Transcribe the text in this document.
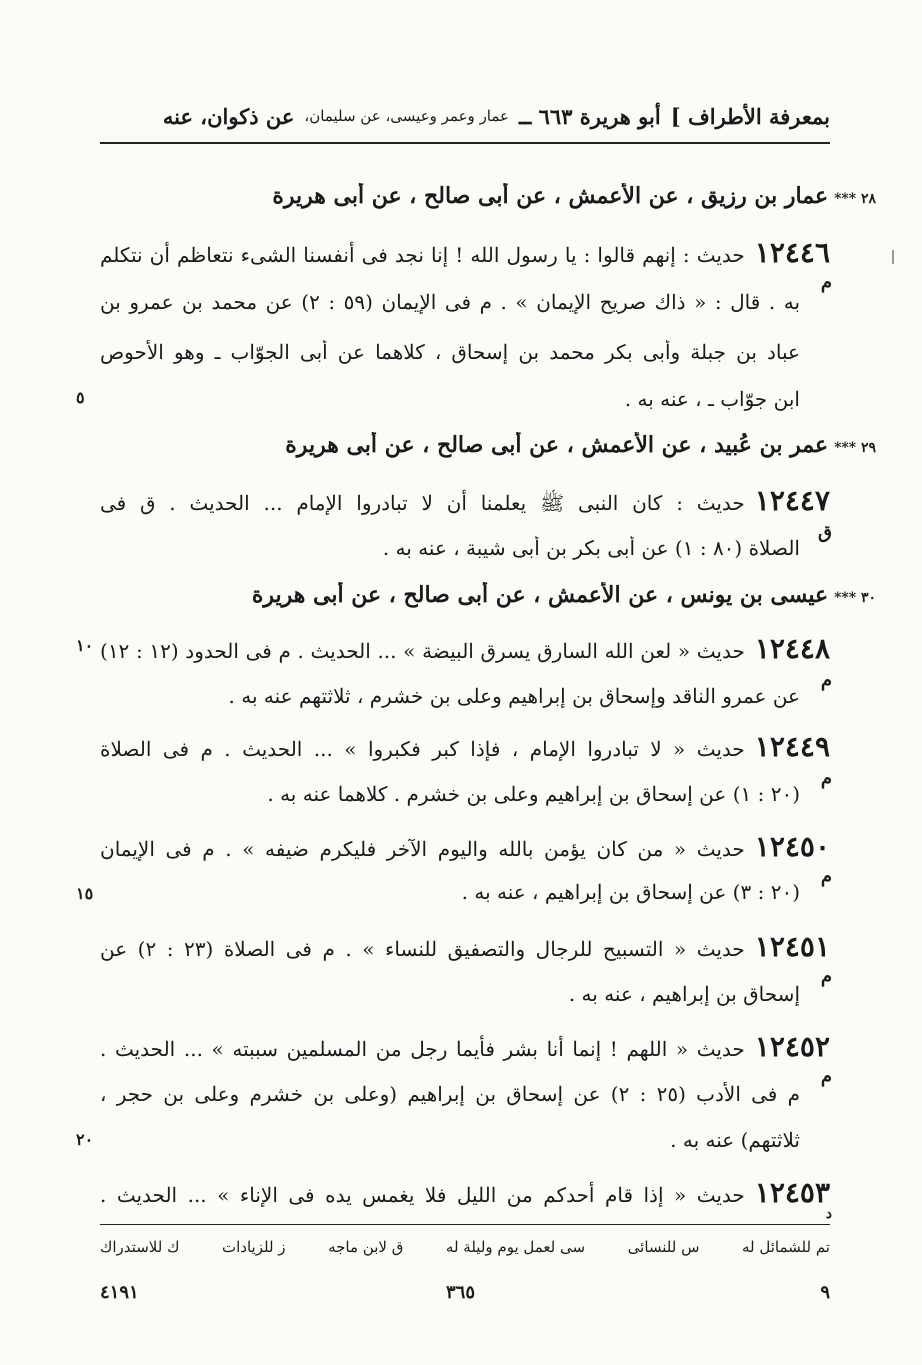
بمعرفة الأطراف ]
أبو هريرة ٦٦٣ ــ
عمار وعمر وعيسى، عن سليمان،
عن ذكوان، عنه
٢٨ ***عمار بن رزيق ، عن الأعمش ، عن أبى صالح ، عن أبى هريرة
١٢٤٤٦حديث : إنهم قالوا : يا رسول الله ! إنا نجد فى أنفسنا الشىء نتعاظم أن نتكلم
م
به . قال : « ذاك صريح الإيمان » . م فى الإيمان (٥٩ : ٢) عن محمد بن عمرو بن
عباد بن جبلة وأبى بكر محمد بن إسحاق ، كلاهما عن أبى الجوّاب ـ وهو الأحوص
ابن جوّاب ـ ، عنه به .
٥
٢٩ ***عمر بن عُبيد ، عن الأعمش ، عن أبى صالح ، عن أبى هريرة
١٢٤٤٧حديث : كان النبى ﷺ يعلمنا أن لا تبادروا الإمام ... الحديث . ق فى
ق
الصلاة (٨٠ : ١) عن أبى بكر بن أبى شيبة ، عنه به .
٣٠ ***عيسى بن يونس ، عن الأعمش ، عن أبى صالح ، عن أبى هريرة
١٢٤٤٨حديث « لعن الله السارق يسرق البيضة » ... الحديث . م فى الحدود (١٢ : ١٢)
١٠
م
عن عمرو الناقد وإسحاق بن إبراهيم وعلى بن خشرم ، ثلاثتهم عنه به .
١٢٤٤٩حديث « لا تبادروا الإمام ، فإذا كبر فكبروا » ... الحديث . م فى الصلاة
م
(٢٠ : ١) عن إسحاق بن إبراهيم وعلى بن خشرم . كلاهما عنه به .
١٢٤٥٠حديث « من كان يؤمن بالله واليوم الآخر فليكرم ضيفه » . م فى الإيمان
م
(٢٠ : ٣) عن إسحاق بن إبراهيم ، عنه به .
١٥
١٢٤٥١حديث « التسبيح للرجال والتصفيق للنساء » . م فى الصلاة (٢٣ : ٢) عن
م
إسحاق بن إبراهيم ، عنه به .
١٢٤٥٢حديث « اللهم ! إنما أنا بشر فأيما رجل من المسلمين سببته » ... الحديث .
م
م فى الأدب (٢٥ : ٢) عن إسحاق بن إبراهيم (وعلى بن خشرم وعلى بن حجر ،
ثلاثتهم) عنه به .
٢٠
١٢٤٥٣حديث « إذا قام أحدكم من الليل فلا يغمس يده فى الإناء » ... الحديث .
د
تم للشمائل له
س للنسائى
سى لعمل يوم وليلة له
ق لابن ماجه
ز للزيادات
ﻙ للاستدراك
٤١٩١	٣٦٥	٩
